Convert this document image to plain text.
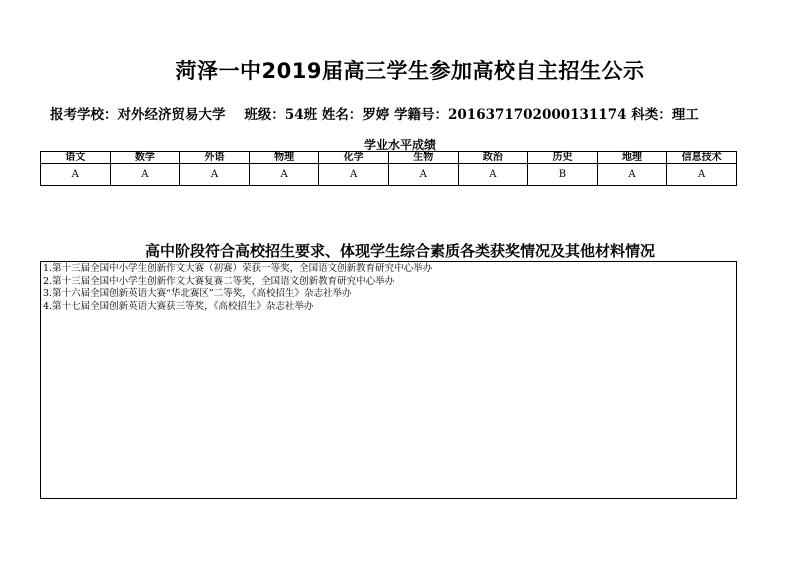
菏泽一中2019届高三学生参加高校自主招生公示
报考学校：对外经济贸易大学 班级：54班 姓名：罗婷 学籍号：2016371702000131174 科类：理工
学业水平成绩
语文	数学	外语	物理	化学	生物	政治	历史	地理	信息技术
A	A	A	A	A	A	A	B	A	A
高中阶段符合高校招生要求、体现学生综合素质各类获奖情况及其他材料情况
1.第十三届全国中小学生创新作文大赛（初赛）荣获一等奖，全国语文创新教育研究中心举办
2.第十三届全国中小学生创新作文大赛复赛二等奖，全国语文创新教育研究中心举办
3.第十六届全国创新英语大赛“华北赛区”二等奖，《高校招生》杂志社举办
4.第十七届全国创新英语大赛获三等奖，《高校招生》杂志社举办
